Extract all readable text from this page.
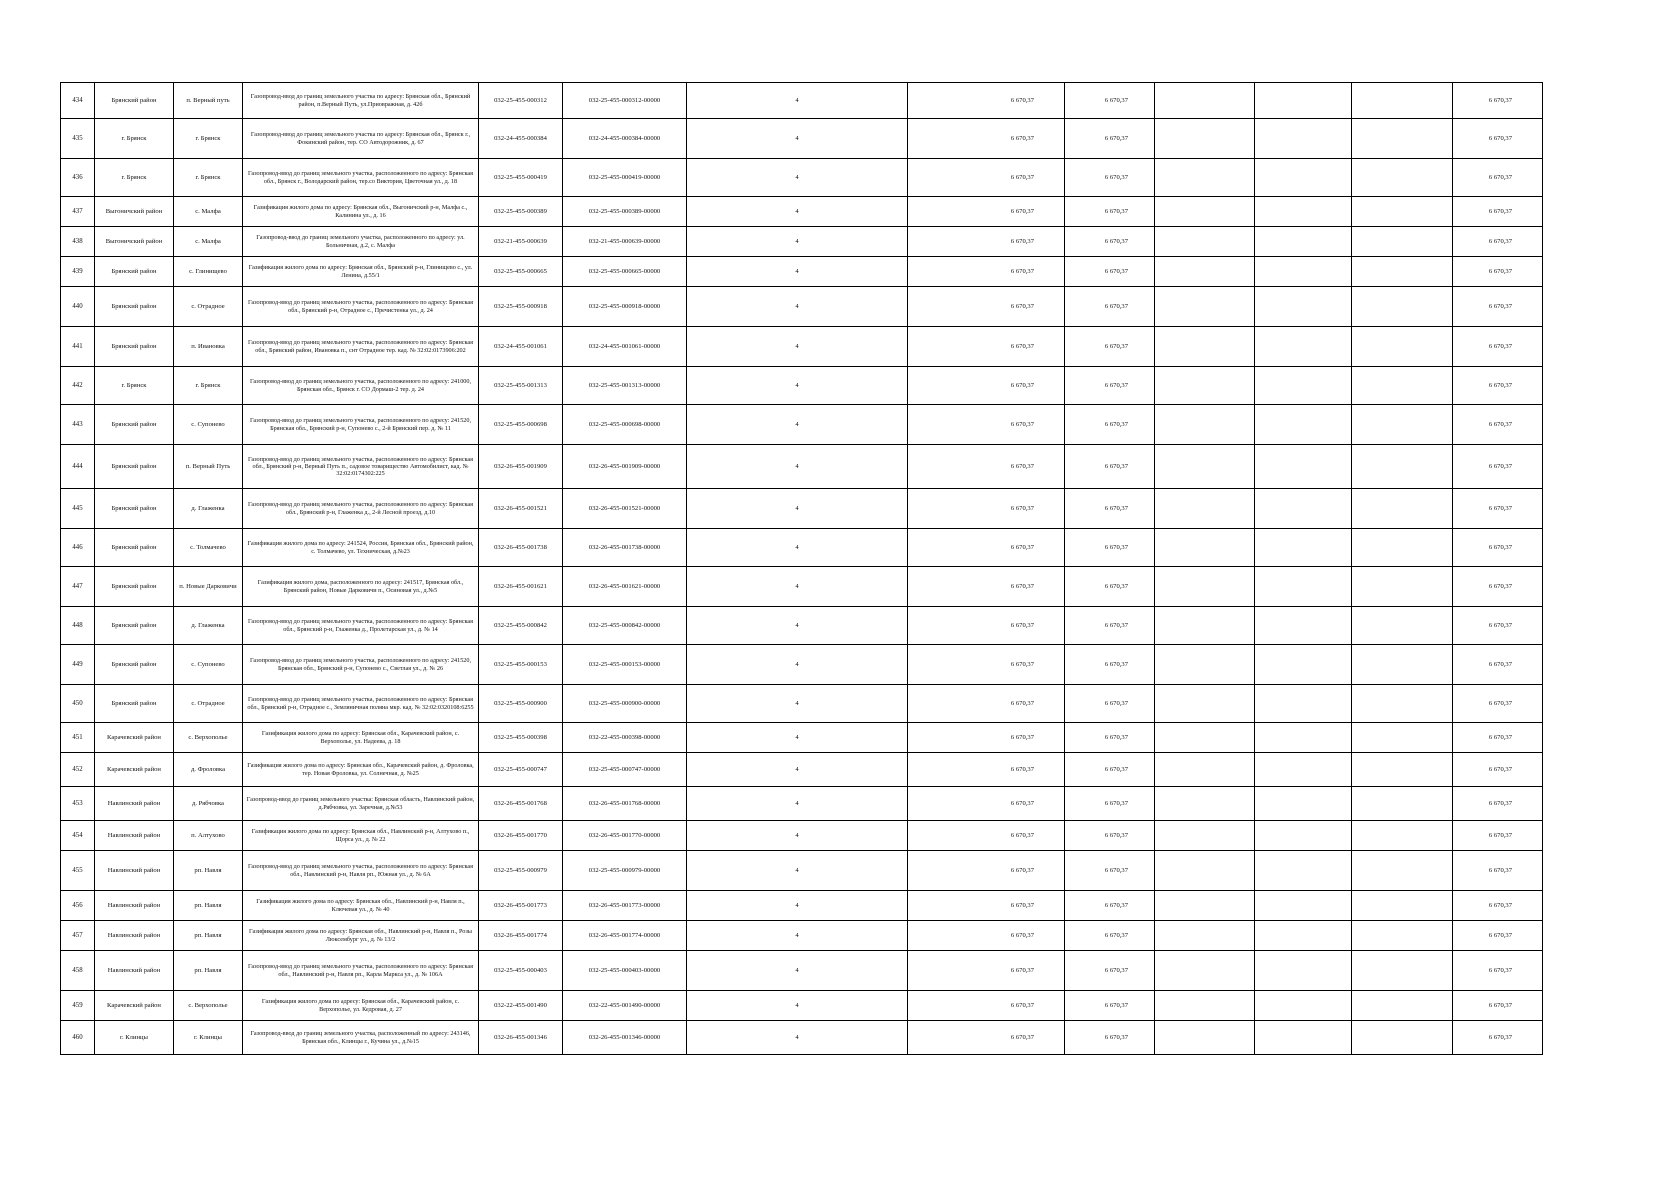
434	Брянский район	п. Верный путь	Газопровод-ввод до границ земельного участка по адресу: Брянская обл., Брянский район, п.Верный Путь, ул.Приовражная, д. 42б	032-25-455-000312	032-25-455-000312-00000	4	6 670,37	6 670,37				6 670,37
435	г. Брянск	г. Брянск	Газопровод-ввод до границ земельного участка по адресу: Брянская обл., Брянск г., Фокинский район, тер. СО Автодорожник, д. 67	032-24-455-000384	032-24-455-000384-00000	4	6 670,37	6 670,37				6 670,37
436	г. Брянск	г. Брянск	Газопровод-ввод до границ земельного участка, расположенного по адресу: Брянская обл., Брянск г., Володарский район, тер.со Виктория, Цветочная ул., д. 18	032-25-455-000419	032-25-455-000419-00000	4	6 670,37	6 670,37				6 670,37
437	Выгоничский район	с. Малфа	Газификация жилого дома по адресу: Брянская обл., Выгоничский р-н, Малфа с., Калинина ул., д. 16	032-25-455-000389	032-25-455-000389-00000	4	6 670,37	6 670,37				6 670,37
438	Выгоничский район	с. Малфа	Газопровод-ввод до границ земельного участка, расположенного по адресу: ул. Больничная, д.2, с. Малфа	032-21-455-000639	032-21-455-000639-00000	4	6 670,37	6 670,37				6 670,37
439	Брянский район	с. Глинищево	Газификация жилого дома по адресу: Брянская обл., Брянский р-н, Глинищево с., ул. Ленина, д.55/1	032-25-455-000665	032-25-455-000665-00000	4	6 670,37	6 670,37				6 670,37
440	Брянский район	с. Отрадное	Газопровод-ввод до границ земельного участка, расположенного по адресу: Брянская обл., Брянский р-н, Отрадное с., Пречистенка ул., д. 24	032-25-455-000918	032-25-455-000918-00000	4	6 670,37	6 670,37				6 670,37
441	Брянский район	п. Ивановка	Газопровод-ввод до границ земельного участка, расположенного по адресу: Брянская обл., Брянский район, Ивановка п., снт Отрадное тер. кад. № 32:02:0173906:202	032-24-455-001061	032-24-455-001061-00000	4	6 670,37	6 670,37				6 670,37
442	г. Брянск	г. Брянск	Газопровод-ввод до границ земельного участка, расположенного по адресу: 241000, Брянская обл., Брянск г. СО Дормаш-2 тер. д. 24	032-25-455-001313	032-25-455-001313-00000	4	6 670,37	6 670,37				6 670,37
443	Брянский район	с. Супонево	Газопровод-ввод до границ земельного участка, расположенного по адресу: 241520, Брянская обл., Брянский р-н, Супонево с., 2-й Брянский пер. д. № 11	032-25-455-000698	032-25-455-000698-00000	4	6 670,37	6 670,37				6 670,37
444	Брянский район	п. Верный Путь	Газопровод-ввод до границ земельного участка, расположенного по адресу: Брянская обл., Брянский р-н, Верный Путь п., садовое товарищество Автомобилист, кад. № 32:02:0174302:225	032-26-455-001909	032-26-455-001909-00000	4	6 670,37	6 670,37				6 670,37
445	Брянский район	д. Глаженка	Газопровод-ввод до границ земельного участка, расположенного по адресу: Брянская обл., Брянский р-н, Глаженка д., 2-й Лесной проезд, д.10	032-26-455-001521	032-26-455-001521-00000	4	6 670,37	6 670,37				6 670,37
446	Брянский район	с. Толмачево	Газификация жилого дома по адресу: 241524, Россия, Брянская обл., Брянский район, с. Толмачево, ул. Техническая, д.№23	032-26-455-001738	032-26-455-001738-00000	4	6 670,37	6 670,37				6 670,37
447	Брянский район	п. Новые Дарковичи	Газификация жилого дома, расположенного по адресу: 241517, Брянская обл., Брянский район, Новые Дарковичи п., Осиновая ул., д.№5	032-26-455-001621	032-26-455-001621-00000	4	6 670,37	6 670,37				6 670,37
448	Брянский район	д. Глаженка	Газопровод-ввод до границ земельного участка, расположенного по адресу: Брянская обл., Брянский р-н, Глаженка д., Пролетарская ул., д. № 14	032-25-455-000842	032-25-455-000842-00000	4	6 670,37	6 670,37				6 670,37
449	Брянский район	с. Супонево	Газопровод-ввод до границ земельного участка, расположенного по адресу: 241520, Брянская обл., Брянский р-н, Супонево с., Светлая ул., д. № 26	032-25-455-000153	032-25-455-000153-00000	4	6 670,37	6 670,37				6 670,37
450	Брянский район	с. Отрадное	Газопровод-ввод до границ земельного участка, расположенного по адресу: Брянская обл., Брянский р-н, Отрадное с., Земляничная поляна мкр. кад. № 32:02:0320108:6255	032-25-455-000900	032-25-455-000900-00000	4	6 670,37	6 670,37				6 670,37
451	Карачевский район	с. Верхополье	Газификация жилого дома по адресу: Брянская обл., Карачевский район, с. Верхополье, ул. Надеева, д. 18	032-25-455-000398	032-22-455-000398-00000	4	6 670,37	6 670,37				6 670,37
452	Карачевский район	д. Фроловка	Газификация жилого дома по адресу: Брянская обл., Карачевский район, д. Фроловка, тер. Новая Фроловка, ул. Солнечная, д. №25	032-25-455-000747	032-25-455-000747-00000	4	6 670,37	6 670,37				6 670,37
453	Навлинский район	д. Рябчовка	Газопровод-ввод до границ земельного участка: Брянская область, Навлинский район, д.Рябчовка, ул. Заречная, д.№53	032-26-455-001768	032-26-455-001768-00000	4	6 670,37	6 670,37				6 670,37
454	Навлинский район	п. Алтухово	Газификация жилого дома по адресу: Брянская обл., Навлинский р-н, Алтухово п., Щорса ул., д. № 22	032-26-455-001770	032-26-455-001770-00000	4	6 670,37	6 670,37				6 670,37
455	Навлинский район	рп. Навля	Газопровод-ввод до границ земельного участка, расположенного по адресу: Брянская обл., Навлинский р-н, Навля рп., Южная ул., д. № 6А	032-25-455-000979	032-25-455-000979-00000	4	6 670,37	6 670,37				6 670,37
456	Навлинский район	рп. Навля	Газификация жилого дома по адресу: Брянская обл., Навлинский р-н, Навля п., Ключевая ул., д. № 40	032-26-455-001773	032-26-455-001773-00000	4	6 670,37	6 670,37				6 670,37
457	Навлинский район	рп. Навля	Газификация жилого дома по адресу: Брянская обл., Навлинский р-н, Навля п., Розы Люксембург ул., д. № 13/2	032-26-455-001774	032-26-455-001774-00000	4	6 670,37	6 670,37				6 670,37
458	Навлинский район	рп. Навля	Газопровод-ввод до границ земельного участка, расположенного по адресу: Брянская обл., Навлинский р-н, Навля рп., Карла Маркса ул., д. № 106А	032-25-455-000403	032-25-455-000403-00000	4	6 670,37	6 670,37				6 670,37
459	Карачевский район	с. Верхополье	Газификация жилого дома по адресу: Брянская обл., Карачевский район, с. Верхополье, ул. Кедровая, д. 27	032-22-455-001490	032-22-455-001490-00000	4	6 670,37	6 670,37				6 670,37
460	г. Клинцы	г. Клинцы	Газопровод-ввод до границ земельного участка, расположенный по адресу: 243146, Брянская обл., Клинцы г., Кучина ул., д.№15	032-26-455-001346	032-26-455-001346-00000	4	6 670,37	6 670,37				6 670,37
